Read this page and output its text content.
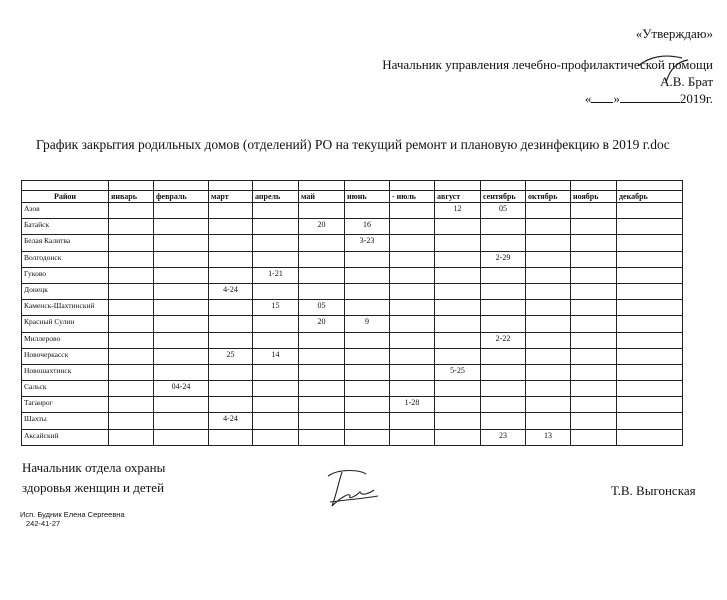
«Утверждаю»
Начальник управления лечебно-профилактической помощи
А.В. Брат
« »	2019г.
График закрытия родильных домов (отделений) РО на текущий ремонт и плановую дезинфекцию в 2019 г.doc

Район	январь	февраль	март	апрель	май	июнь	- июль	август	сентябрь	октябрь	ноябрь	декабрь
Азов								12	05			
Батайск					20	16						
Белая Калитва						3-23						
Волгодонск									2-29			
Гуково				1-21								
Донецк			4-24									
Каменск-Шахтинский				15	05							
Красный Сулин					20	9						
Миллерово									2-22			
Новочеркасск			25	14								
Новошахтинск								5-25				
Сальск		04-24										
Таганрог							1-28					
Шахты			4-24									
Аксайский									23	13		
Начальник отдела охраны
здоровья женщин и детей	Т.В. Выгонская
Исп. Будник Елена Сергеевна
242-41-27
